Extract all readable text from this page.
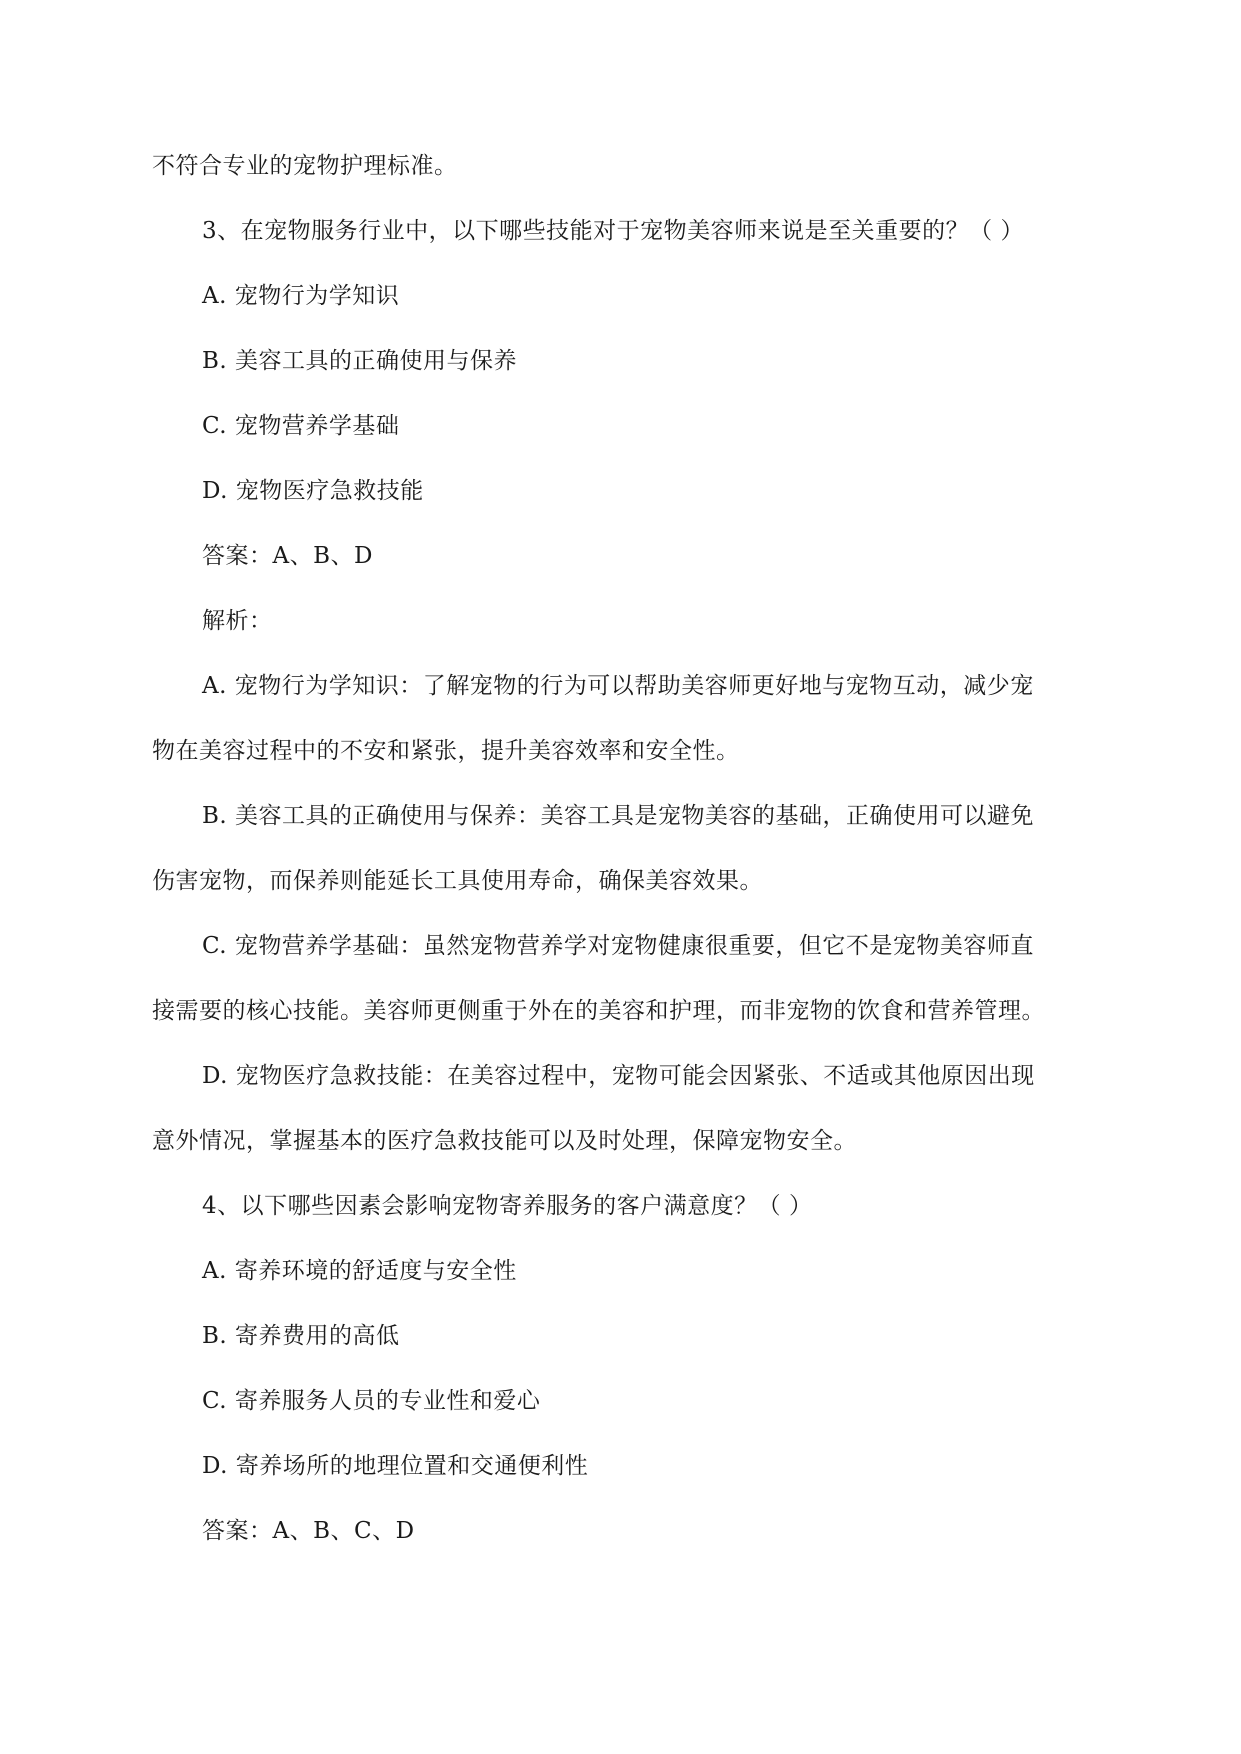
不符合专业的宠物护理标准。
3、在宠物服务行业中，以下哪些技能对于宠物美容师来说是至关重要的？（ ）
A. 宠物行为学知识
B. 美容工具的正确使用与保养
C. 宠物营养学基础
D. 宠物医疗急救技能
答案：A、B、D
解析：
A. 宠物行为学知识：了解宠物的行为可以帮助美容师更好地与宠物互动，减少宠
物在美容过程中的不安和紧张，提升美容效率和安全性。
B. 美容工具的正确使用与保养：美容工具是宠物美容的基础，正确使用可以避免
伤害宠物，而保养则能延长工具使用寿命，确保美容效果。
C. 宠物营养学基础：虽然宠物营养学对宠物健康很重要，但它不是宠物美容师直
接需要的核心技能。美容师更侧重于外在的美容和护理，而非宠物的饮食和营养管理。
D. 宠物医疗急救技能：在美容过程中，宠物可能会因紧张、不适或其他原因出现
意外情况，掌握基本的医疗急救技能可以及时处理，保障宠物安全。
4、以下哪些因素会影响宠物寄养服务的客户满意度？（ ）
A. 寄养环境的舒适度与安全性
B. 寄养费用的高低
C. 寄养服务人员的专业性和爱心
D. 寄养场所的地理位置和交通便利性
答案：A、B、C、D
